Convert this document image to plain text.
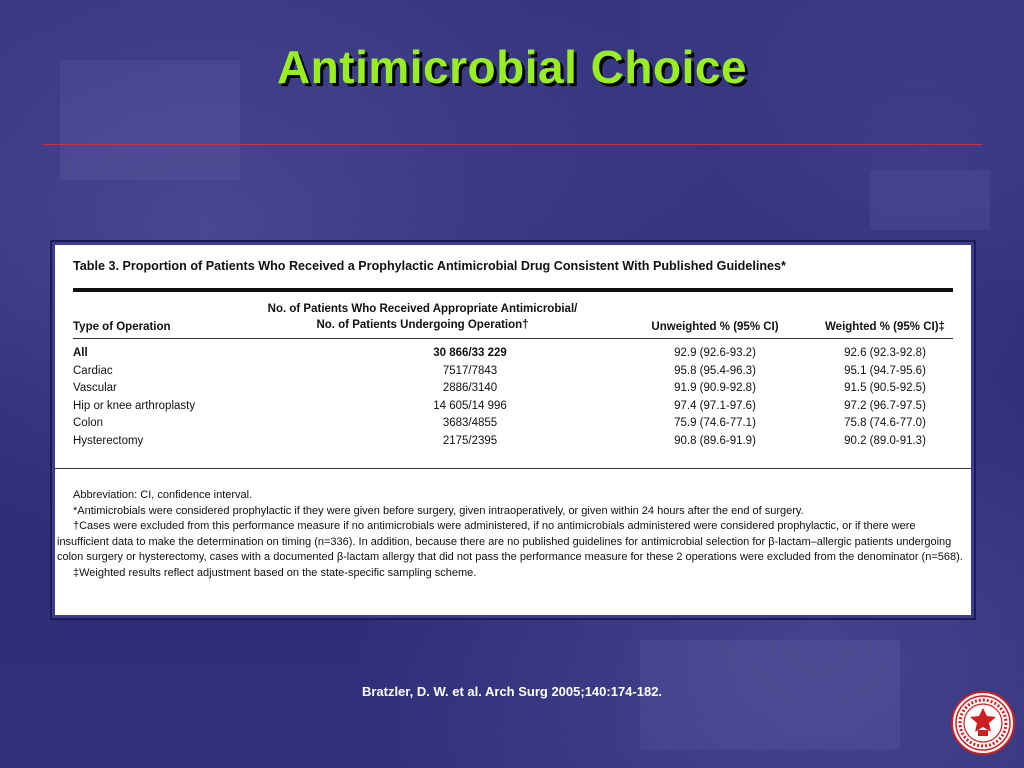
Antimicrobial Choice
Table 3. Proportion of Patients Who Received a Prophylactic Antimicrobial Drug Consistent With Published Guidelines*
Type of Operation
No. of Patients Who Received Appropriate Antimicrobial/
No. of Patients Undergoing Operation†	Unweighted % (95% CI)	Weighted % (95% CI)‡
All	30 866/33 229	92.9 (92.6-93.2)	92.6 (92.3-92.8)
Cardiac	7517/7843	95.8 (95.4-96.3)	95.1 (94.7-95.6)
Vascular	2886/3140	91.9 (90.9-92.8)	91.5 (90.5-92.5)
Hip or knee arthroplasty	14 605/14 996	97.4 (97.1-97.6)	97.2 (96.7-97.5)
Colon	3683/4855	75.9 (74.6-77.1)	75.8 (74.6-77.0)
Hysterectomy	2175/2395	90.8 (89.6-91.9)	90.2 (89.0-91.3)

Abbreviation: CI, confidence interval.

*Antimicrobials were considered prophylactic if they were given before surgery, given intraoperatively, or given within 24 hours after the end of surgery.

†Cases were excluded from this performance measure if no antimicrobials were administered, if no antimicrobials administered were considered prophylactic, or if there were insufficient data to make the determination on timing (n=336). In addition, because there are no published guidelines for antimicrobial selection for β-lactam–allergic patients undergoing colon surgery or hysterectomy, cases with a documented β-lactam allergy that did not pass the performance measure for these 2 operations were excluded from the denominator (n=568).

‡Weighted results reflect adjustment based on the state-specific sampling scheme.

Bratzler, D. W. et al. Arch Surg 2005;140:174-182.
